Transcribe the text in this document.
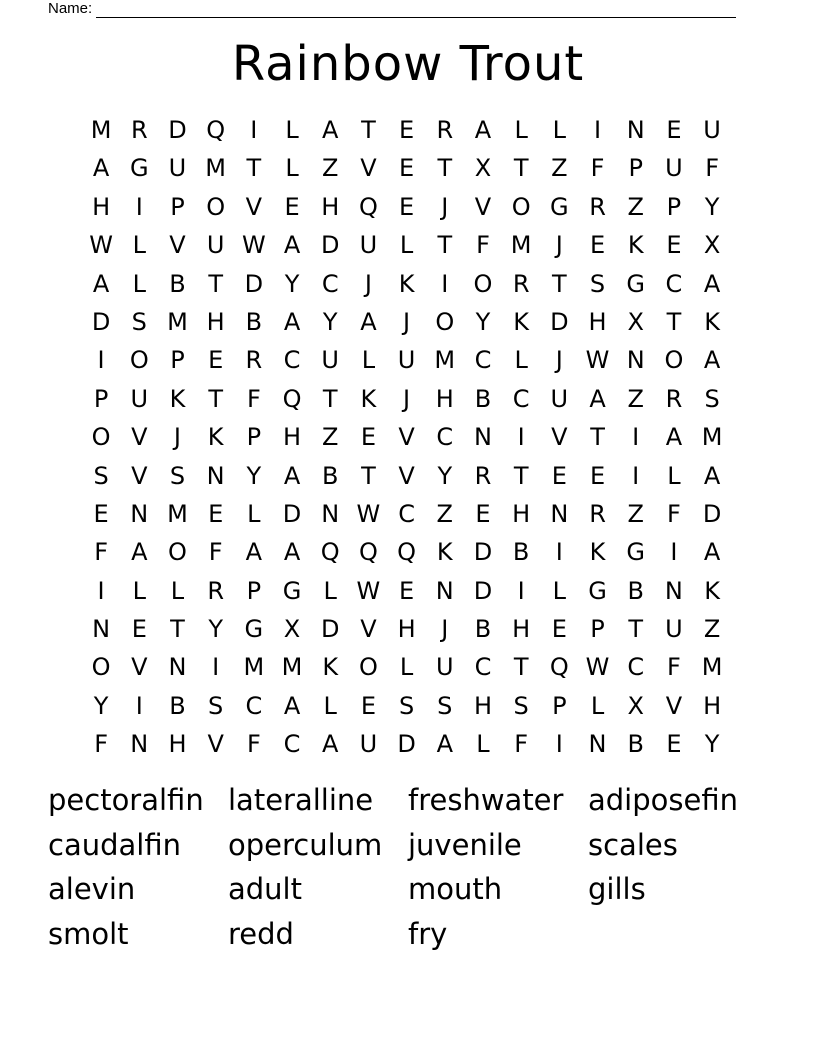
Name:
Rainbow Trout
M R D Q	I	L A T E R A L	L	I	N E U
A G U M T	L Z V E T X T Z F	P U F
H	I	P O V E H Q E	J	V O G R Z P Y
W L V U W A D U L	T F M	J	E K E X
A L B T D Y C	J	K	I	O R T S G C A
D S M H B A Y A	J	O Y K D H X T K
I	O P E R C U L U M C L	J W N O A
P U K T F Q T K	J	H B C U A Z R S
O V	J	K P H Z E V C N	I	V T	I	A M
S V S N Y A B T V Y R T E E	I	L A
E N M E L D N W C Z E H N R Z F D
F A O F A A Q Q Q K D B	I	K G	I	A
I	L	L R P G L W E N D	I	L G B N K
N E T Y G X D V H	J	B H E P T U Z
O V N	I	M M K O L U C T Q W C F M
Y	I	B S C A L E S S H S P	L X V H
F N H V F C A U D A L	F	I	N B E Y
pectoralfin lateralline	freshwater adiposefin
caudalfin	operculum juvenile	scales
alevin	adult	mouth	gills
smolt	redd	fry
